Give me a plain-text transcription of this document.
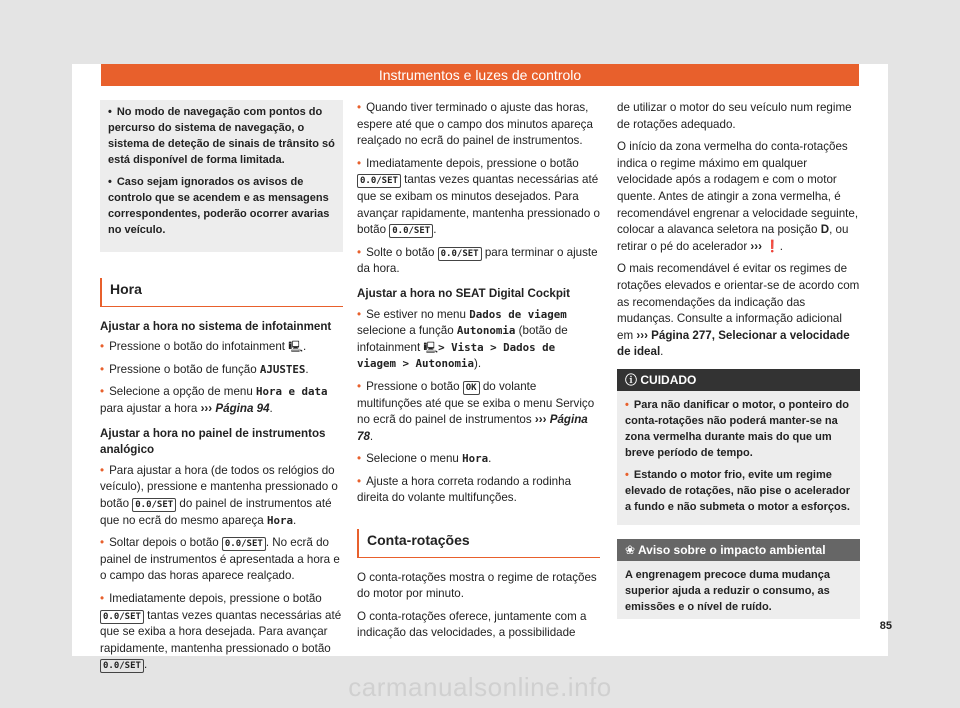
Instrumentos e luzes de controlo
• No modo de navegação com pontos do percurso do sistema de navegação, o sistema de deteção de sinais de trânsito só está disponível de forma limitada.
• Caso sejam ignorados os avisos de controlo que se acendem e as mensagens correspondentes, poderão ocorrer avarias no veículo.
Hora
Ajustar a hora no sistema de infotainment

• Pressione o botão do infotainment 🖳.

• Pressione o botão de função AJUSTES.

• Selecione a opção de menu Hora e data para ajustar a hora ››› Página 94.

Ajustar a hora no painel de instrumentos analógico

• Para ajustar a hora (de todos os relógios do veículo), pressione e mantenha pressionado o botão 0.0/SET do painel de instrumentos até que no ecrã do mesmo apareça Hora.

• Soltar depois o botão 0.0/SET . No ecrã do painel de instrumentos é apresentada a hora e o campo das horas aparece realçado.

• Imediatamente depois, pressione o botão 0.0/SET tantas vezes quantas necessárias até que se exiba a hora desejada. Para avançar rapidamente, mantenha pressionado o botão 0.0/SET .

• Quando tiver terminado o ajuste das horas, espere até que o campo dos minutos apareça realçado no ecrã do painel de instrumentos.

• Imediatamente depois, pressione o botão 0.0/SET tantas vezes quantas necessárias até que se exibam os minutos desejados. Para avançar rapidamente, mantenha pressionado o botão 0.0/SET .

• Solte o botão 0.0/SET para terminar o ajuste da hora.

Ajustar a hora no SEAT Digital Cockpit

• Se estiver no menu Dados de viagem selecione a função Autonomia (botão de infotainment 🖳> Vista > Dados de viagem > Autonomia).

• Pressione o botão OK do volante multifunções até que se exiba o menu Serviço no ecrã do painel de instrumentos ››› Página 78.

• Selecione o menu Hora.

• Ajuste a hora correta rodando a rodinha direita do volante multifunções.

Conta-rotações

O conta-rotações mostra o regime de rotações do motor por minuto.

O conta-rotações oferece, juntamente com a indicação das velocidades, a possibilidade

de utilizar o motor do seu veículo num regime de rotações adequado.

O início da zona vermelha do conta-rotações indica o regime máximo em qualquer velocidade após a rodagem e com o motor quente. Antes de atingir a zona vermelha, é recomendável engrenar a velocidade seguinte, colocar a alavanca seletora na posição D, ou retirar o pé do acelerador ››› ❗.

O mais recomendável é evitar os regimes de rotações elevados e orientar-se de acordo com as recomendações da indicação das mudanças. Consulte a informação adicional em ››› Página 277, Selecionar a velocidade de ideal.

ⓘ CUIDADO
• Para não danificar o motor, o ponteiro do conta-rotações não poderá manter-se na zona vermelha durante mais do que um breve período de tempo.
• Estando o motor frio, evite um regime elevado de rotações, não pise o acelerador a fundo e não submeta o motor a esforços.
❀ Aviso sobre o impacto ambiental
A engrenagem precoce duma mudança superior ajuda a reduzir o consumo, as emissões e o nível de ruído.
85
carmanualsonline.info
